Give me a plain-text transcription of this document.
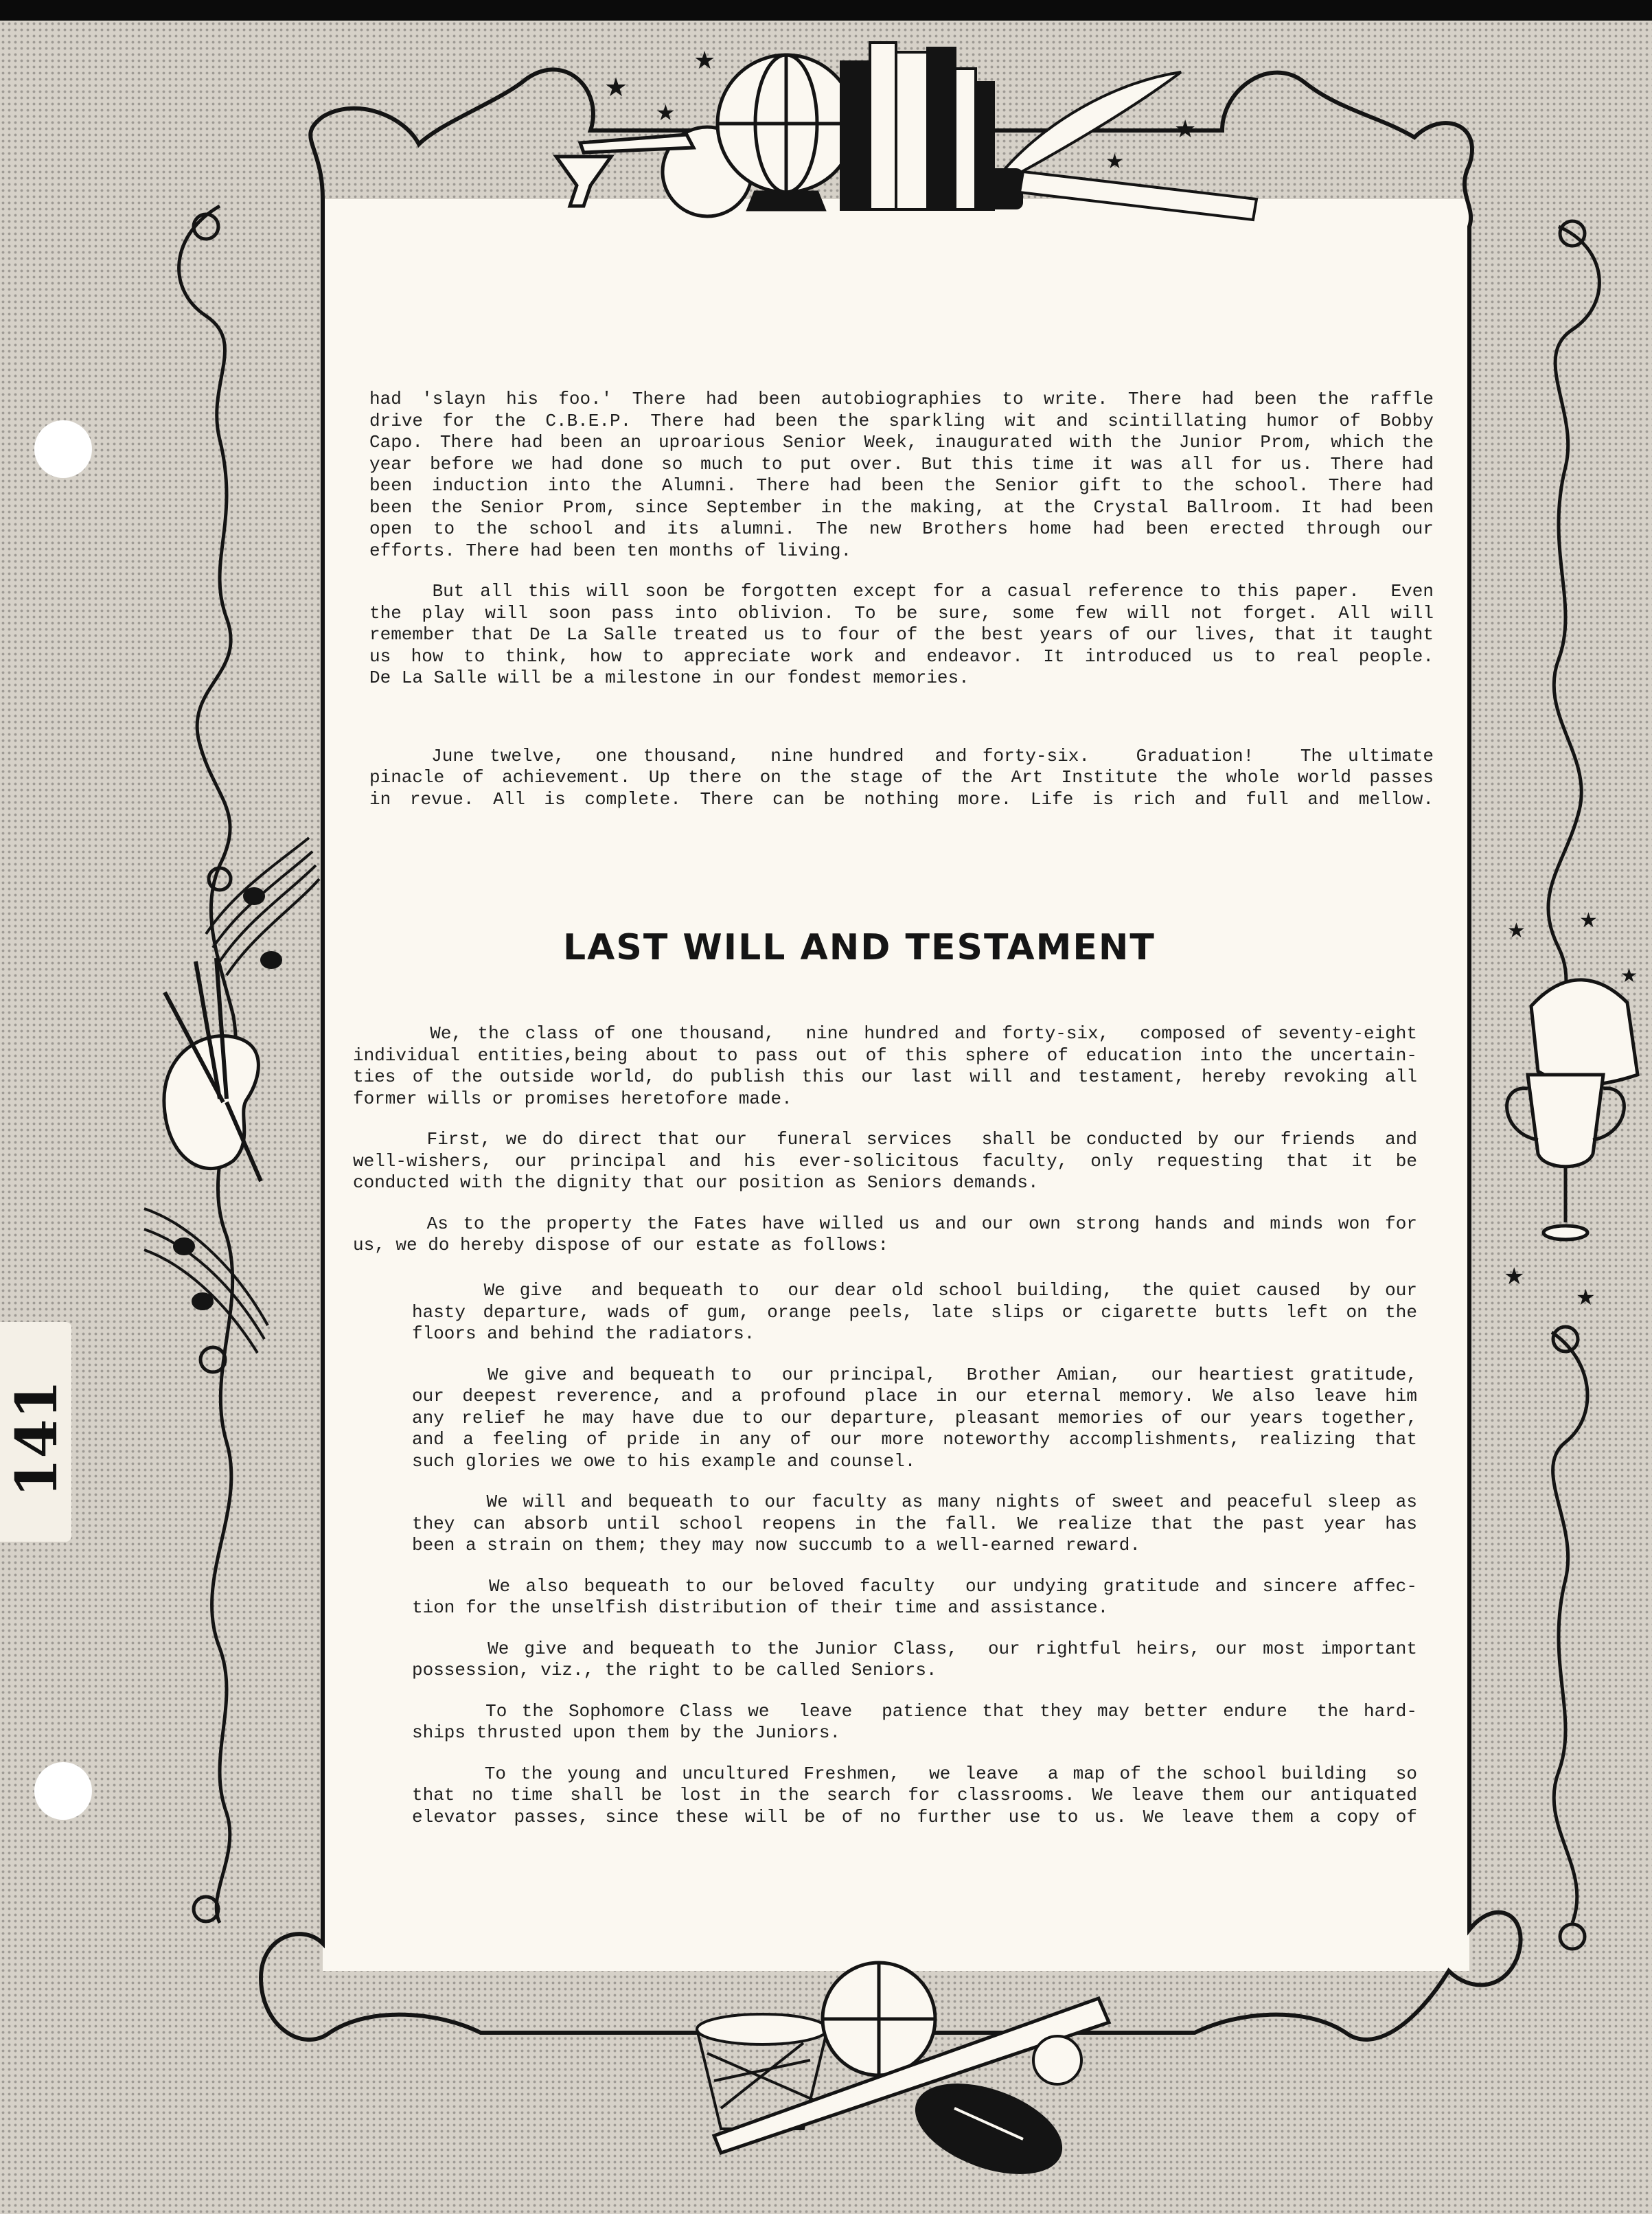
141
★
★
★
★
★
★	★
★
★
★
had 'slayn his foo.' There had been autobiographies to write. There had been the raffle
drive for the C.B.E.P. There had been the sparkling wit and scintillating humor of Bobby
Capo. There had been an uproarious Senior Week, inaugurated with the Junior Prom, which the
year before we had done so much to put over. But this time it was all for us. There had
been induction into the Alumni. There had been the Senior gift to the school. There had
been the Senior Prom, since September in the making, at the Crystal Ballroom. It had been
open to the school and its alumni. The new Brothers home had been erected through our
efforts. There had been ten months of living.
But all this will soon be forgotten except for a casual reference to this paper.  Even
the play will soon pass into oblivion. To be sure, some few will not forget. All will
remember that De La Salle treated us to four of the best years of our lives, that it taught
us how to think, how to appreciate work and endeavor. It introduced us to real people.
De La Salle will be a milestone in our fondest memories.
June twelve,  one thousand,  nine hundred  and forty-six.   Graduation!   The ultimate
pinacle of achievement. Up there on the stage of the Art Institute the whole world passes
in revue. All is complete. There can be nothing more. Life is rich and full and mellow.
LAST WILL AND TESTAMENT
We, the class of one thousand,  nine hundred and forty-six,  composed of seventy-eight
individual entities,being about to pass out of this sphere of education into the uncertain-
ties of the outside world, do publish this our last will and testament, hereby revoking all
former wills or promises heretofore made.
First, we do direct that our  funeral services  shall be conducted by our friends  and
well-wishers, our principal and his ever-solicitous faculty, only requesting that it be
conducted with the dignity that our position as Seniors demands.
As to the property the Fates have willed us and our own strong hands and minds won for
us, we do hereby dispose of our estate as follows:
We give  and bequeath to  our dear old school building,  the quiet caused  by our
hasty departure, wads of gum, orange peels, late slips or cigarette butts left on the
floors and behind the radiators.
We give and bequeath to  our principal,  Brother Amian,  our heartiest gratitude,
our deepest reverence, and a profound place in our eternal memory. We also leave him
any relief he may have due to our departure, pleasant memories of our years together,
and a feeling of pride in any of our more noteworthy accomplishments, realizing that
such glories we owe to his example and counsel.
We will and bequeath to our faculty as many nights of sweet and peaceful sleep as
they can absorb until school reopens in the fall. We realize that the past year has
been a strain on them; they may now succumb to a well-earned reward.
We also bequeath to our beloved faculty  our undying gratitude and sincere affec-
tion for the unselfish distribution of their time and assistance.
We give and bequeath to the Junior Class,  our rightful heirs, our most important
possession, viz., the right to be called Seniors.
To the Sophomore Class we  leave  patience that they may better endure  the hard-
ships thrusted upon them by the Juniors.
To the young and uncultured Freshmen,  we leave  a map of the school building  so
that no time shall be lost in the search for classrooms. We leave them our antiquated
elevator passes, since these will be of no further use to us. We leave them a copy of
